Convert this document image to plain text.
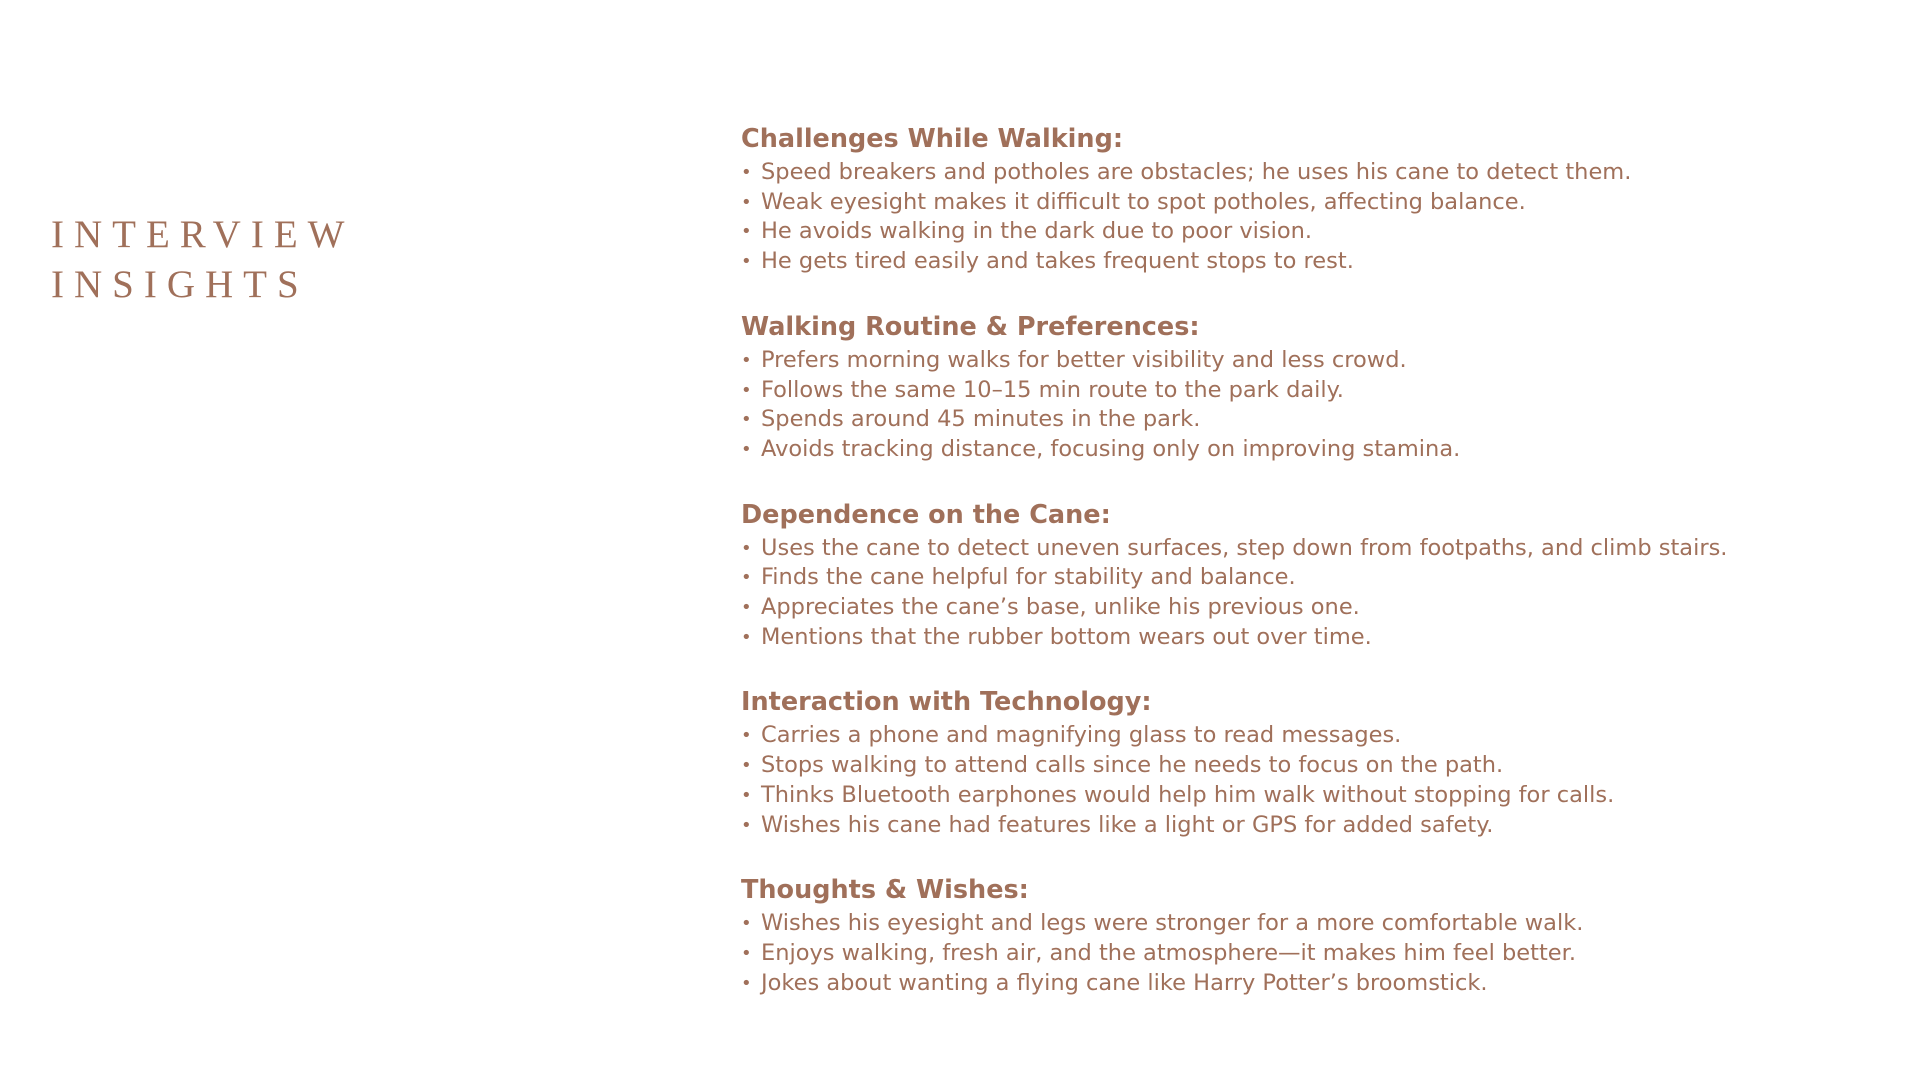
INTERVIEW
INSIGHTS
Challenges While Walking:
• Speed breakers and potholes are obstacles; he uses his cane to detect them.
• Weak eyesight makes it difficult to spot potholes, affecting balance.
• He avoids walking in the dark due to poor vision.
• He gets tired easily and takes frequent stops to rest.
Walking Routine & Preferences:
• Prefers morning walks for better visibility and less crowd.
• Follows the same 10–15 min route to the park daily.
• Spends around 45 minutes in the park.
• Avoids tracking distance, focusing only on improving stamina.
Dependence on the Cane:
• Uses the cane to detect uneven surfaces, step down from footpaths, and climb stairs.
• Finds the cane helpful for stability and balance.
• Appreciates the cane’s base, unlike his previous one.
• Mentions that the rubber bottom wears out over time.
Interaction with Technology:
• Carries a phone and magnifying glass to read messages.
• Stops walking to attend calls since he needs to focus on the path.
• Thinks Bluetooth earphones would help him walk without stopping for calls.
• Wishes his cane had features like a light or GPS for added safety.
Thoughts & Wishes:
• Wishes his eyesight and legs were stronger for a more comfortable walk.
• Enjoys walking, fresh air, and the atmosphere—it makes him feel better.
• Jokes about wanting a flying cane like Harry Potter’s broomstick.
